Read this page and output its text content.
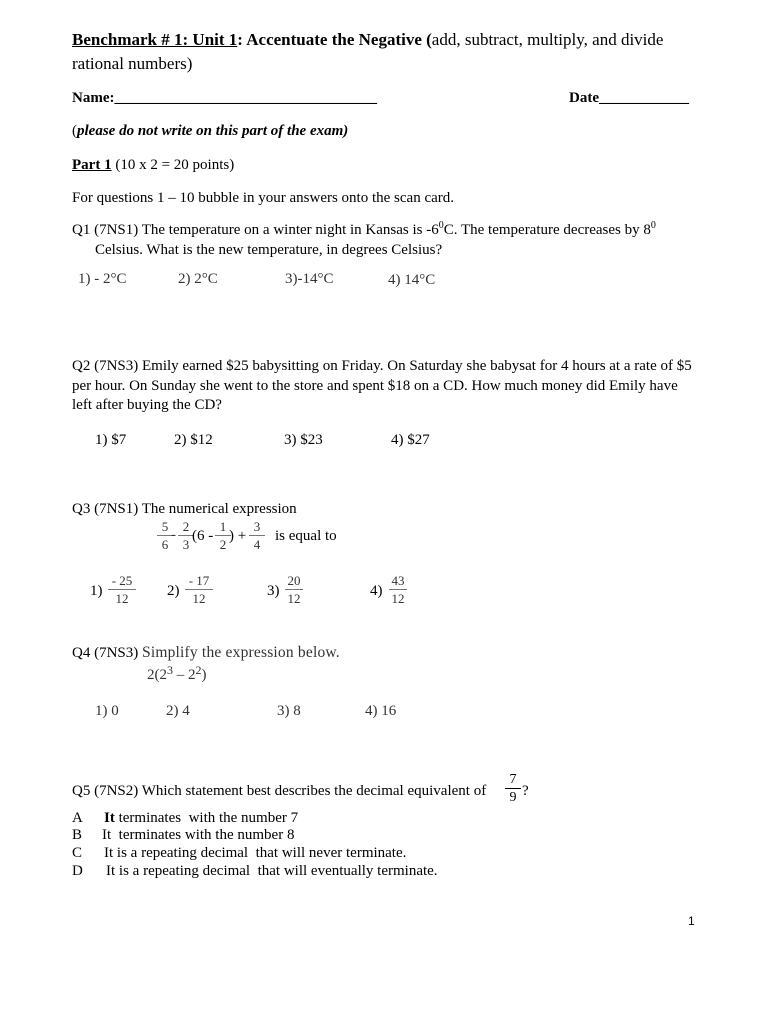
Benchmark # 1: Unit 1: Accentuate the Negative (add, subtract, multiply, and divide
rational numbers)
Name:___________________________________	Date____________
(please do not write on this part of the exam)
Part 1 (10 x 2 = 20 points)
For questions 1 – 10 bubble in your answers onto the scan card.
Q1 (7NS1) The temperature on a winter night in Kansas is $-6^0C$. The temperature decreases by $8^0$
Celsius. What is the new temperature, in degrees Celsius?
1) - 2°C	2) 2°C	3)-14°C	4) 14°C
Q2 (7NS3) Emily earned $25 babysitting on Friday. On Saturday she babysat for 4 hours at a rate of $5 per hour. On Sunday she went to the store and spent $18 on a CD. How much money did Emily have left after buying the CD?
1) $7	2) $12	3) $23	4) $27
Q3 (7NS1) The numerical expression
5
6
-
2
3
(6 -
1
2
) +
3
4
is equal to
1)
- 25
12	2)
- 17
12	3)
20
12	4)
43
12
Q4 (7NS3) Simplify the expression below.
$2(2^3 - 2^2)$
1) 0	2) 4	3) 8	4) 16
Q5 (7NS2) Which statement best describes the decimal equivalent of
7
9 ?
A It terminates  with the number 7
B It  terminates with the number 8
C It is a repeating decimal  that will never terminate.
D It is a repeating decimal  that will eventually terminate.
1
